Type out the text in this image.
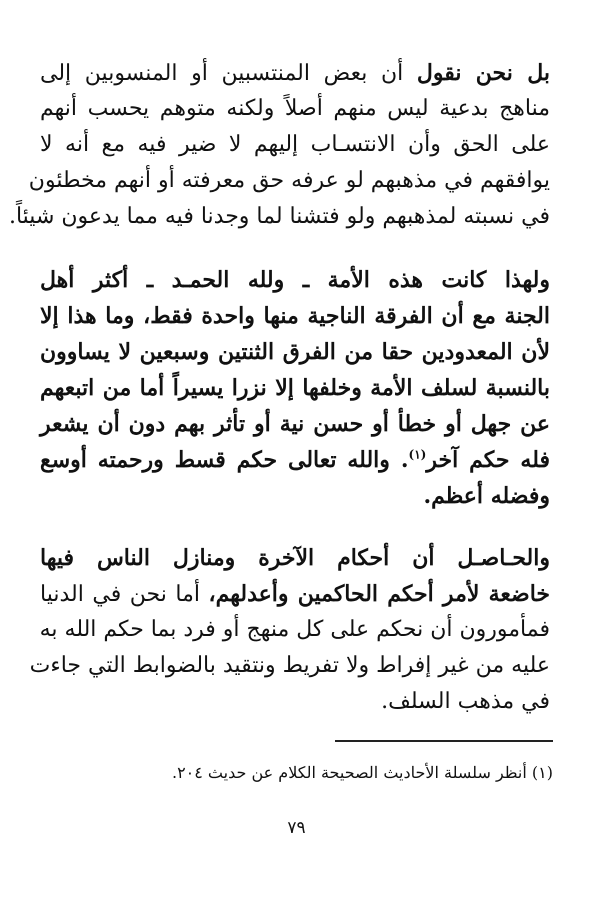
بل نحن نقول أن بعض المنتسبين أو المنسوبين إلى
مناهج بدعية ليس منهم أصلاً ولكنه متوهم يحسب أنهم
على الحق وأن الانتسـاب إليهم لا ضير فيه مع أنه لا
يوافقهم في مذهبهم لو عرفه حق معرفته أو أنهم مخطئون
في نسبته لمذهبهم ولو فتشنا لما وجدنا فيه مما يدعون شيئاً.
ولهذا كانت هذه الأمة ـ ولله الحمـد ـ أكثر أهل
الجنة مع أن الفرقة الناجية منها واحدة فقط، وما هذا إلا
لأن المعدودين حقا من الفرق الثنتين وسبعين لا يساوون
بالنسبة لسلف الأمة وخلفها إلا نزرا يسيراً أما من اتبعهم
عن جهل أو خطأ أو حسن نية أو تأثر بهم دون أن يشعر
فله حكم آخر$^{(١)}$. والله تعالى حكم قسط ورحمته أوسع
وفضله أعظم.
والحـاصـل أن أحكام الآخرة ومنازل الناس فيها
خاضعة لأمر أحكم الحاكمين وأعدلهم، أما نحن في الدنيا
فمأمورون أن نحكم على كل منهج أو فرد بما حكم الله به
عليه من غير إفراط ولا تفريط ونتقيد بالضوابط التي جاءت
في مذهب السلف.
(١) أنظر سلسلة الأحاديث الصحيحة الكلام عن حديث ٢٠٤.
٧٩
